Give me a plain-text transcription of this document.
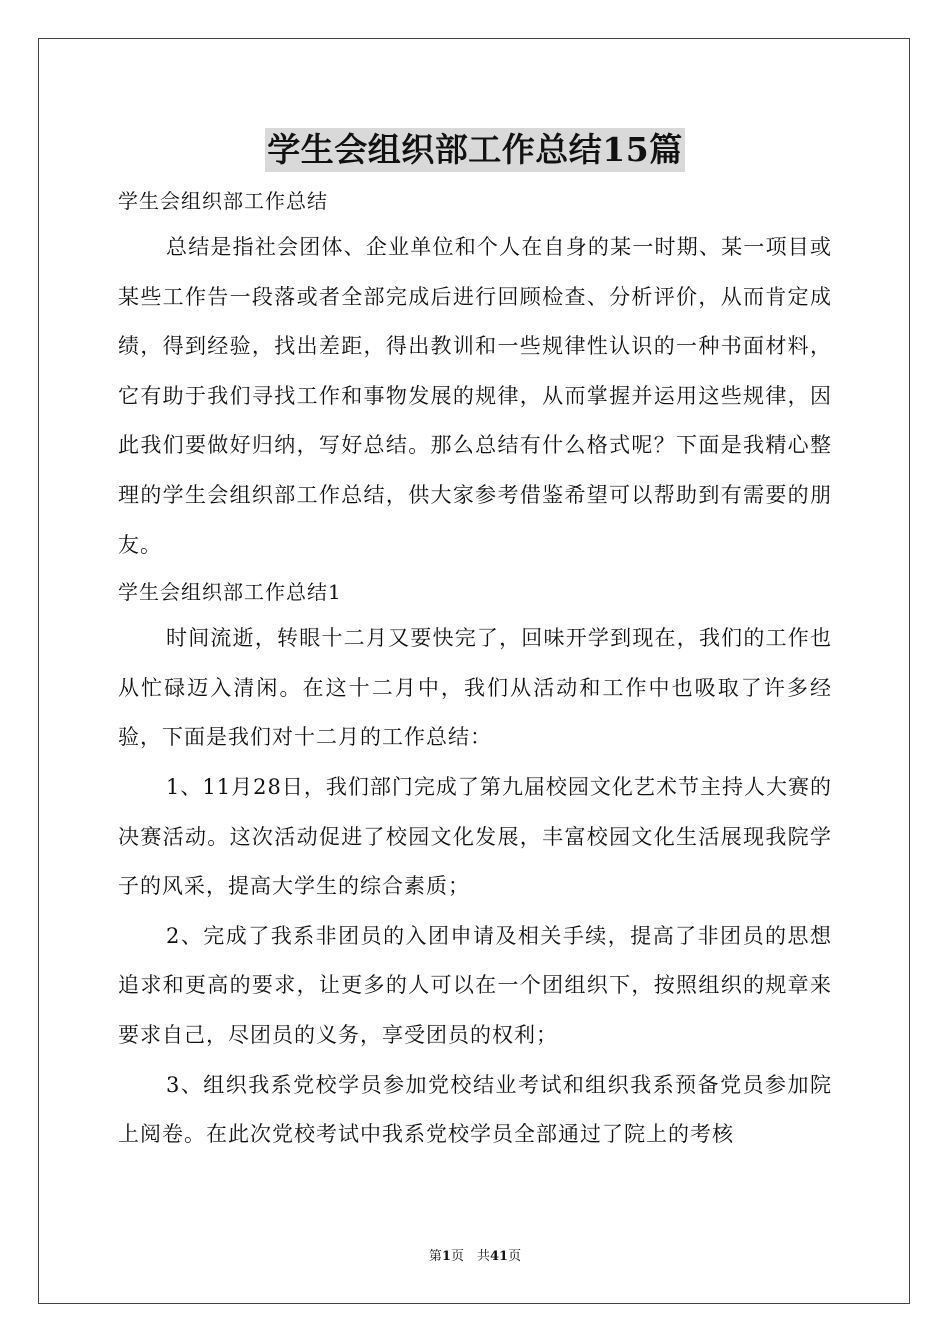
学生会组织部工作总结15篇
学生会组织部工作总结
总结是指社会团体、企业单位和个人在自身的某一时期、某一项目或某些工作告一段落或者全部完成后进行回顾检查、分析评价，从而肯定成绩，得到经验，找出差距，得出教训和一些规律性认识的一种书面材料，它有助于我们寻找工作和事物发展的规律，从而掌握并运用这些规律，因此我们要做好归纳，写好总结。那么总结有什么格式呢？下面是我精心整理的学生会组织部工作总结，供大家参考借鉴希望可以帮助到有需要的朋友。
学生会组织部工作总结1
时间流逝，转眼十二月又要快完了，回味开学到现在，我们的工作也从忙碌迈入清闲。在这十二月中，我们从活动和工作中也吸取了许多经验，下面是我们对十二月的工作总结：
1、11月28日，我们部门完成了第九届校园文化艺术节主持人大赛的决赛活动。这次活动促进了校园文化发展，丰富校园文化生活展现我院学子的风采，提高大学生的综合素质；
2、完成了我系非团员的入团申请及相关手续，提高了非团员的思想追求和更高的要求，让更多的人可以在一个团组织下，按照组织的规章来要求自己，尽团员的义务，享受团员的权利；
3、组织我系党校学员参加党校结业考试和组织我系预备党员参加院上阅卷。在此次党校考试中我系党校学员全部通过了院上的考核
第1页　共41页
